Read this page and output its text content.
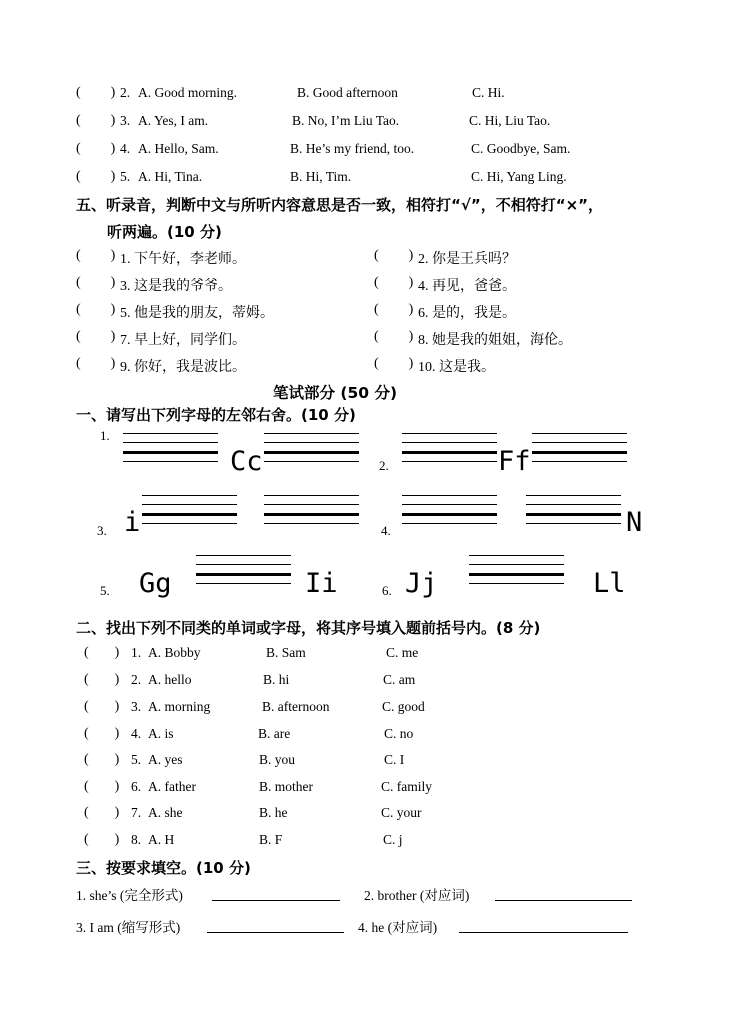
( ) 2. A. Good morning.	B. Good afternoon	C. Hi.
( ) 3. A. Yes, I am.	B. No, I’m Liu Tao.	C. Hi, Liu Tao.
( ) 4. A. Hello, Sam.	B. He’s my friend, too.	C. Goodbye, Sam.
( ) 5. A. Hi, Tina.	B. Hi, Tim.	C. Hi, Yang Ling.
五、听录音，判断中文与所听内容意思是否一致，相符打“√”，不相符打“×”，
听两遍。(10 分)
( ) 1. 下午好，李老师。	( ) 2. 你是王兵吗？
( ) 3. 这是我的爷爷。	( ) 4. 再见，爸爸。
( ) 5. 他是我的朋友，蒂姆。	( ) 6. 是的，我是。
( ) 7. 早上好，同学们。	( ) 8. 她是我的姐姐，海伦。
( ) 9. 你好，我是波比。	( ) 10. 这是我。
笔试部分 (50 分)
一、请写出下列字母的左邻右舍。(10 分)
1.
Cc	2.	Ff
3. i	4.	N
5. Gg	Ii	6. Jj	Ll
二、找出下列不同类的单词或字母，将其序号填入题前括号内。(8 分)
( ) 1. A. Bobby	B. Sam	C. me
( ) 2. A. hello	B. hi	C. am
( ) 3. A. morning	B. afternoon	C. good
( ) 4. A. is	B. are	C. no
( ) 5. A. yes	B. you	C. I
( ) 6. A. father	B. mother	C. family
( ) 7. A. she	B. he	C. your
( ) 8. A. H	B. F	C. j
三、按要求填空。(10 分)
1. she’s (完全形式)	2. brother (对应词)
3. I am (缩写形式)	4. he (对应词)
